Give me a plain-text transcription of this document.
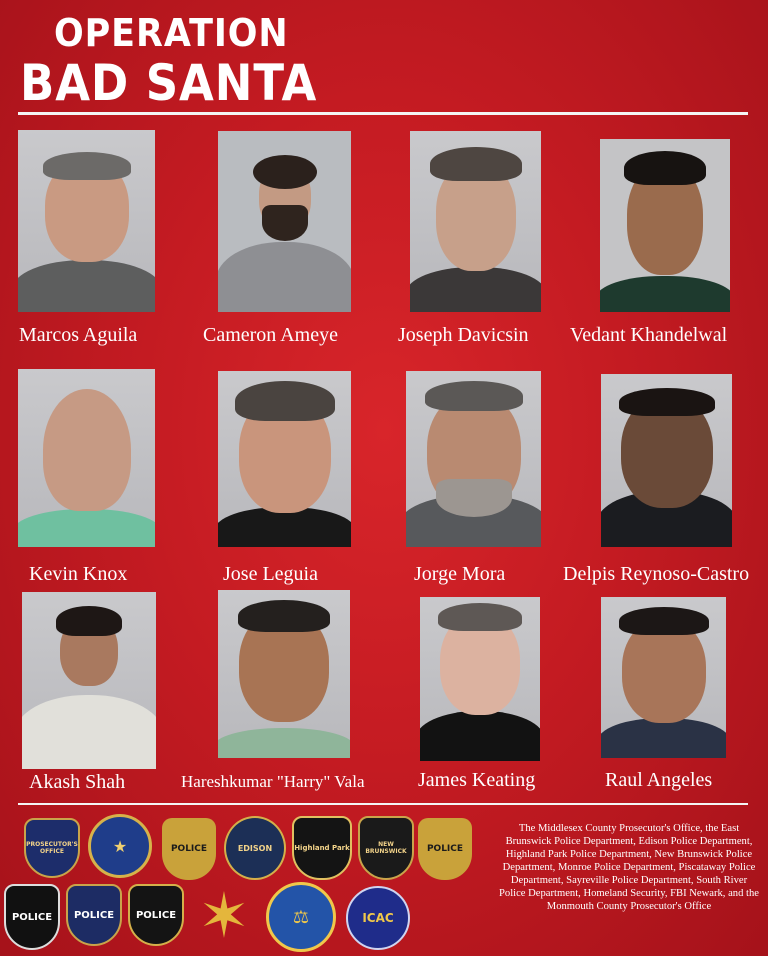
OPERATION
BAD SANTA
Marcos Aguila	Cameron Ameye	Joseph Davicsin Vedant Khandelwal
Kevin Knox	Jose Leguia	Jorge Mora	Delpis Reynoso-Castro
Akash Shah	Hareshkumar "Harry" Vala	James Keating	Raul Angeles
PROSECUTOR'S OFFICE	★	POLICE	EDISON	Highland Park	NEW BRUNSWICK	POLICE
POLICE POLICE POLICE ✶ ⚖	ICAC
The Middlesex County Prosecutor's Office, the East Brunswick Police Department, Edison Police Department, Highland Park Police Department, New Brunswick Police Department, Monroe Police Department, Piscataway Police Department, Sayreville Police Department, South River Police Department, Homeland Security, FBI Newark, and the Monmouth County Prosecutor's Office
